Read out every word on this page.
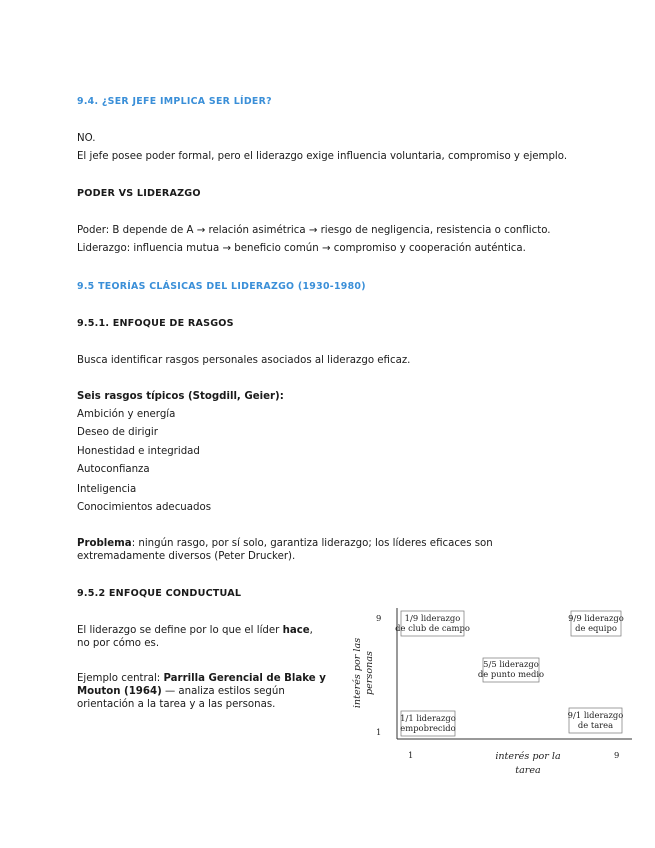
9.4. ¿SER JEFE IMPLICA SER LÍDER?
NO.
El jefe posee poder formal, pero el liderazgo exige influencia voluntaria, compromiso y ejemplo.
PODER VS LIDERAZGO
Poder: B depende de A → relación asimétrica → riesgo de negligencia, resistencia o conflicto.
Liderazgo: influencia mutua → beneficio común → compromiso y cooperación auténtica.
9.5 TEORÍAS CLÁSICAS DEL LIDERAZGO (1930-1980)
9.5.1. ENFOQUE DE RASGOS
Busca identificar rasgos personales asociados al liderazgo eficaz.
Seis rasgos típicos (Stogdill, Geier):
Ambición y energía
Deseo de dirigir
Honestidad e integridad
Autoconfianza
Inteligencia
Conocimientos adecuados
Problema: ningún rasgo, por sí solo, garantiza liderazgo; los líderes eficaces son
extremadamente diversos (Peter Drucker).
9.5.2 ENFOQUE CONDUCTUAL
El liderazgo se define por lo que el líder hace,
no por cómo es.
Ejemplo central: Parrilla Gerencial de Blake y
Mouton (1964) — analiza estilos según
orientación a la tarea y a las personas.
9
1
1	9
interés por las personas
interés por la
tarea
1/9 liderazgo
de club de campo
9/9 liderazgo
de equipo
5/5 liderazgo
de punto medio
1/1 liderazgo
empobrecido
9/1 liderazgo
de tarea
